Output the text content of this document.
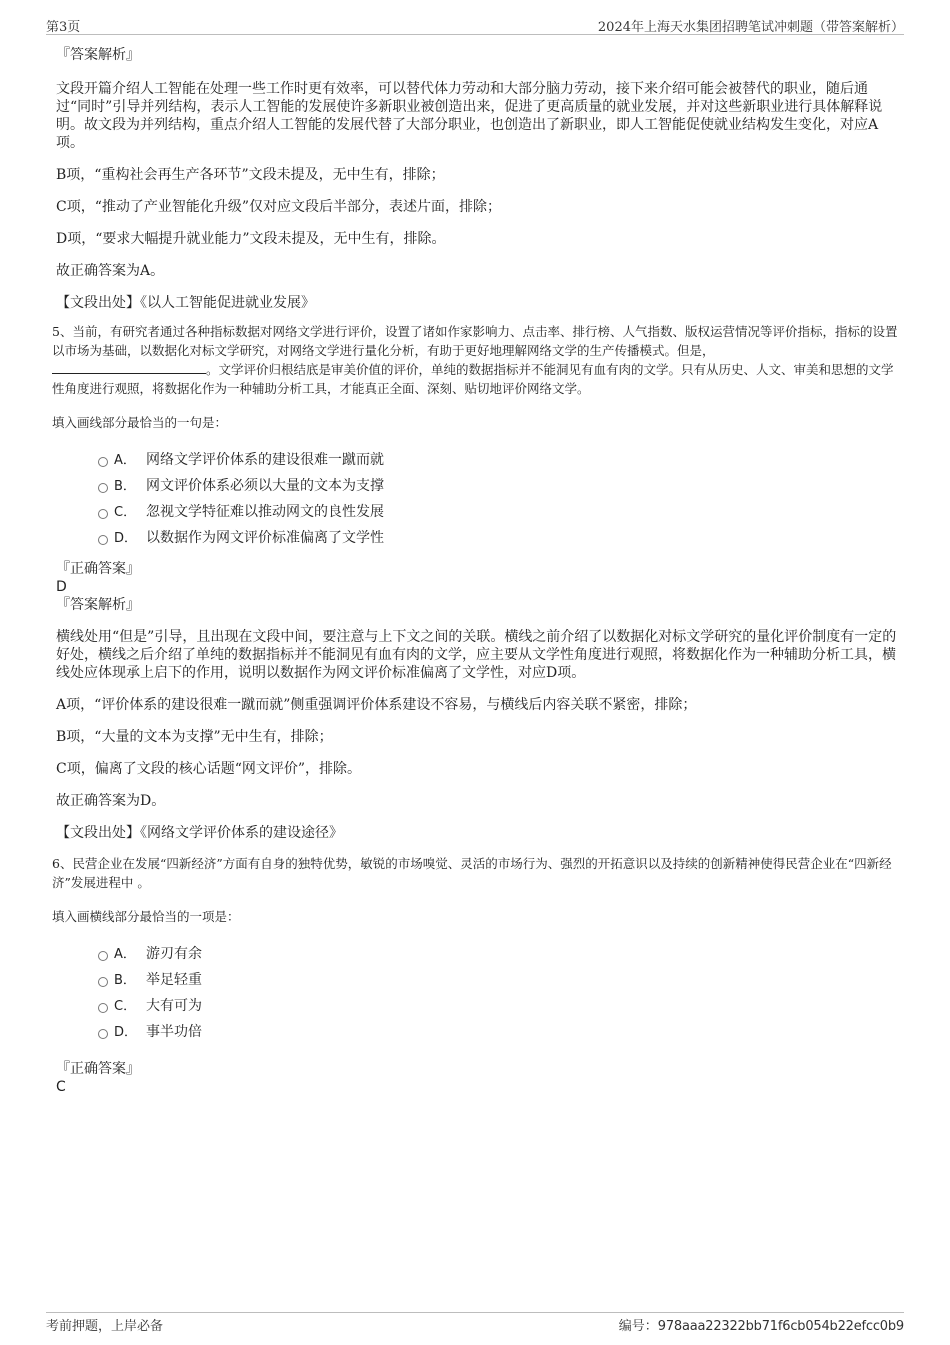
第3页	2024年上海天水集团招聘笔试冲刺题（带答案解析）
『答案解析』

文段开篇介绍人工智能在处理一些工作时更有效率，可以替代体力劳动和大部分脑力劳动，接下来介绍可能会被替代的职业，随后通过“同时”引导并列结构，表示人工智能的发展使许多新职业被创造出来，促进了更高质量的就业发展，并对这些新职业进行具体解释说明。故文段为并列结构，重点介绍人工智能的发展代替了大部分职业，也创造出了新职业，即人工智能促使就业结构发生变化，对应A项。

B项，“重构社会再生产各环节”文段未提及，无中生有，排除；

C项，“推动了产业智能化升级”仅对应文段后半部分，表述片面，排除；

D项，“要求大幅提升就业能力”文段未提及，无中生有，排除。

故正确答案为A。

【文段出处】《以人工智能促进就业发展》

5、当前，有研究者通过各种指标数据对网络文学进行评价，设置了诸如作家影响力、点击率、排行榜、人气指数、版权运营情况等评价指标，指标的设置以市场为基础，以数据化对标文学研究，对网络文学进行量化分析，有助于更好地理解网络文学的生产传播模式。但是，
。文学评价归根结底是审美价值的评价，单纯的数据指标并不能洞见有血有肉的文学。只有从历史、人文、审美和思想的文学性角度进行观照，将数据化作为一种辅助分析工具，才能真正全面、深刻、贴切地评价网络文学。

填入画线部分最恰当的一句是：

A． 网络文学评价体系的建设很难一蹴而就
B． 网文评价体系必须以大量的文本为支撑
C． 忽视文学特征难以推动网文的良性发展
D． 以数据作为网文评价标准偏离了文学性
『正确答案』
D
『答案解析』

横线处用“但是”引导，且出现在文段中间，要注意与上下文之间的关联。横线之前介绍了以数据化对标文学研究的量化评价制度有一定的好处，横线之后介绍了单纯的数据指标并不能洞见有血有肉的文学，应主要从文学性角度进行观照，将数据化作为一种辅助分析工具，横线处应体现承上启下的作用，说明以数据作为网文评价标准偏离了文学性，对应D项。

A项，“评价体系的建设很难一蹴而就”侧重强调评价体系建设不容易，与横线后内容关联不紧密，排除；

B项，“大量的文本为支撑”无中生有，排除；

C项，偏离了文段的核心话题“网文评价”，排除。

故正确答案为D。

【文段出处】《网络文学评价体系的建设途径》

6、民营企业在发展“四新经济”方面有自身的独特优势，敏锐的市场嗅觉、灵活的市场行为、强烈的开拓意识以及持续的创新精神使得民营企业在“四新经济”发展进程中 。

填入画横线部分最恰当的一项是：

A． 游刃有余
B． 举足轻重
C． 大有可为
D． 事半功倍
『正确答案』
C
考前押题，上岸必备	编号：978aaa22322bb71f6cb054b22efcc0b9
